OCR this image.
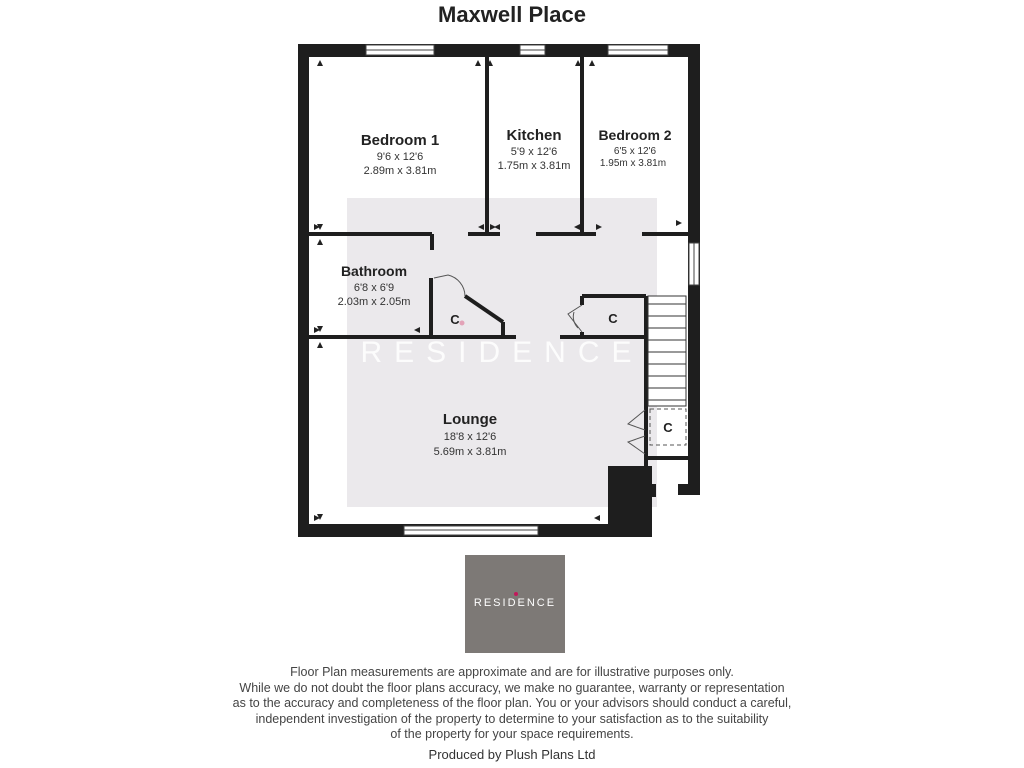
Maxwell Place
RESIDENCE
Bedroom 1
9'6 x 12'6
2.89m x 3.81m
Kitchen
5'9 x 12'6
1.75m x 3.81m
Bedroom 2
6'5 x 12'6
1.95m x 3.81m
Bathroom
6'8 x 6'9
2.03m x 2.05m
Lounge
18'8 x 12'6
5.69m x 3.81m
C	C
C
RESIDENCE
Floor Plan measurements are approximate and are for illustrative purposes only.
While we do not doubt the floor plans accuracy, we make no guarantee, warranty or representation
as to the accuracy and completeness of the floor plan. You or your advisors should conduct a careful,
independent investigation of the property to determine to your satisfaction as to the suitability
of the property for your space requirements.
Produced by Plush Plans Ltd
